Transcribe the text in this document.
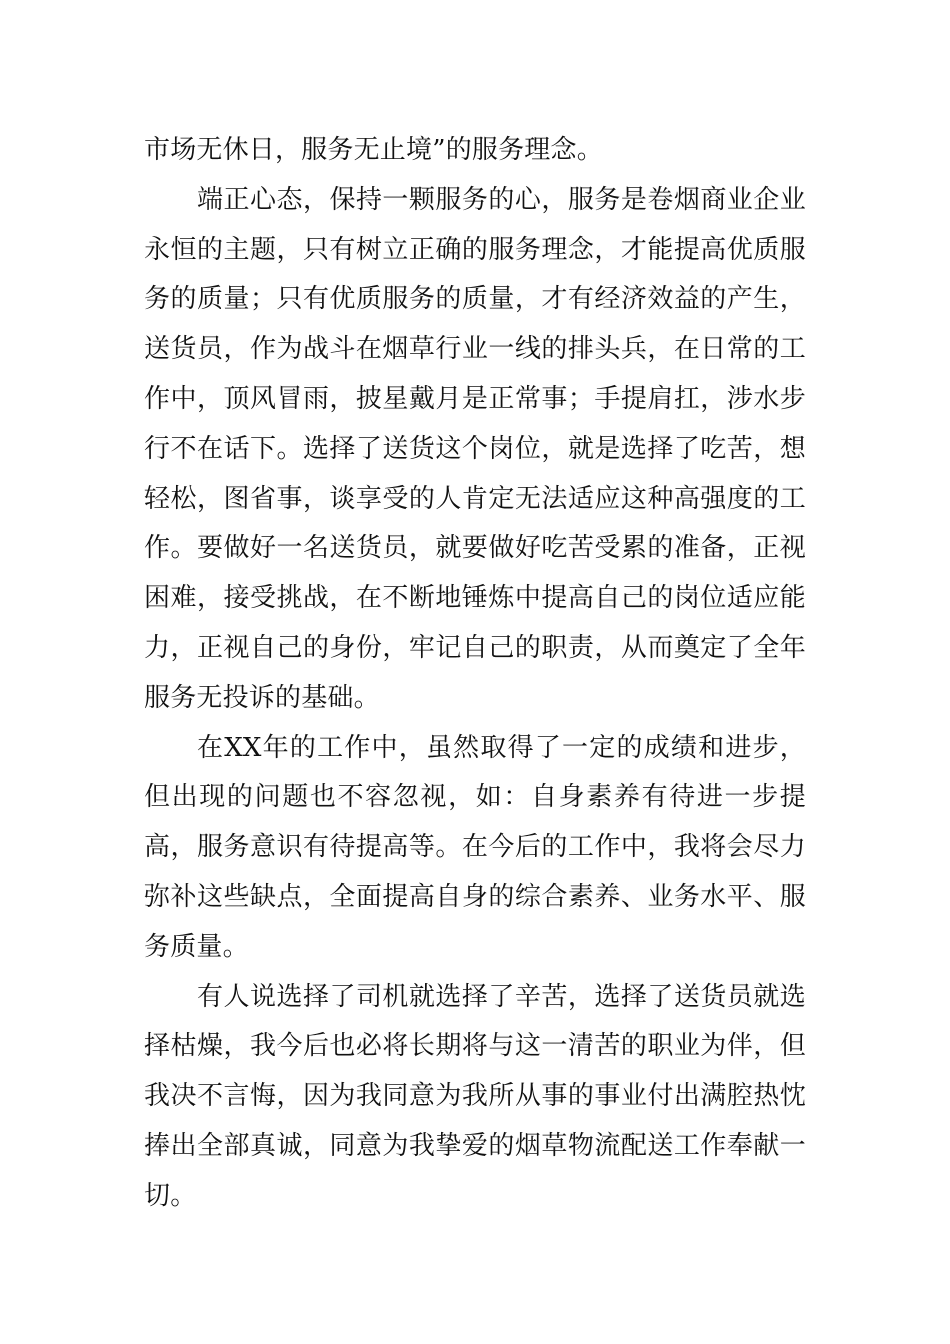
市场无休日，服务无止境”的服务理念。

端正心态，保持一颗服务的心，服务是卷烟商业企业永恒的主题，只有树立正确的服务理念，才能提高优质服务的质量；只有优质服务的质量，才有经济效益的产生，送货员，作为战斗在烟草行业一线的排头兵，在日常的工作中，顶风冒雨，披星戴月是正常事；手提肩扛，涉水步行不在话下。选择了送货这个岗位，就是选择了吃苦，想轻松，图省事，谈享受的人肯定无法适应这种高强度的工作。要做好一名送货员，就要做好吃苦受累的准备，正视困难，接受挑战，在不断地锤炼中提高自己的岗位适应能力，正视自己的身份，牢记自己的职责，从而奠定了全年服务无投诉的基础。

在XX年的工作中，虽然取得了一定的成绩和进步，但出现的问题也不容忽视，如：自身素养有待进一步提高，服务意识有待提高等。在今后的工作中，我将会尽力弥补这些缺点，全面提高自身的综合素养、业务水平、服务质量。

有人说选择了司机就选择了辛苦，选择了送货员就选择枯燥，我今后也必将长期将与这一清苦的职业为伴，但我决不言悔，因为我同意为我所从事的事业付出满腔热忱捧出全部真诚，同意为我挚爱的烟草物流配送工作奉献一切。
